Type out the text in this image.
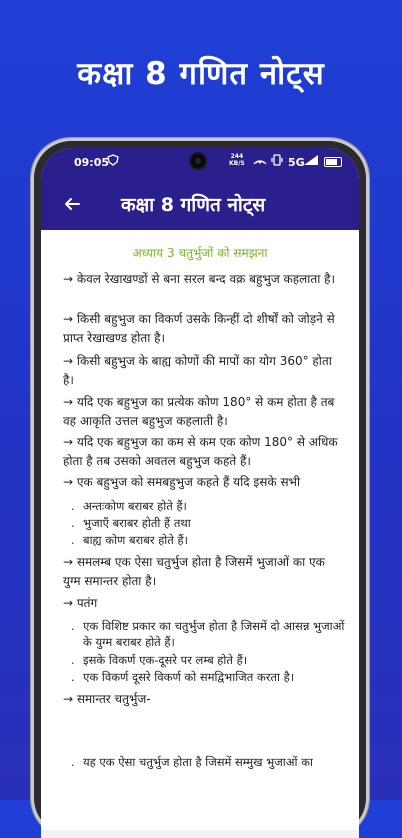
कक्षा 8 गणित नोट्स
09:05	244
KB/S	5G
कक्षा 8 गणित नोट्स
अध्याय 3 चतुर्भुजों को समझना
→ केवल रेखाखण्डों से बना सरल बन्द वक्र बहुभुज कहलाता है।
→ किसी बहुभुज का विकर्ण उसके किन्हीं दो शीर्षों को जोड़ने से प्राप्त रेखाखण्ड होता है।
→ किसी बहुभुज के बाह्य कोणों की मापों का योग 360° होता है।
→ यदि एक बहुभुज का प्रत्येक कोण 180° से कम होता है तब वह आकृति उत्तल बहुभुज कहलाती है।
→ यदि एक बहुभुज का कम से कम एक कोण 180° से अधिक होता है तब उसको अवतल बहुभुज कहते हैं।
→ एक बहुभुज को समबहुभुज कहते हैं यदि इसके सभी
. अन्तःकोण बराबर होते हैं।
. भुजाएँ बराबर होती हैं तथा
. बाह्य कोण बराबर होते हैं।
→ समलम्ब एक ऐसा चतुर्भुज होता है जिसमें भुजाओं का एक युग्म समान्तर होता है।
→ पतंग
. एक विशिष्ट प्रकार का चतुर्भुज होता है जिसमें दो आसन्न भुजाओं के युग्म बराबर होते हैं।
. इसके विकर्ण एक-दूसरे पर लम्ब होते हैं।
. एक विकर्ण दूसरे विकर्ण को समद्विभाजित करता है।
→ समान्तर चतुर्भुज-
. यह एक ऐसा चतुर्भुज होता है जिसमें सम्मुख भुजाओं का
